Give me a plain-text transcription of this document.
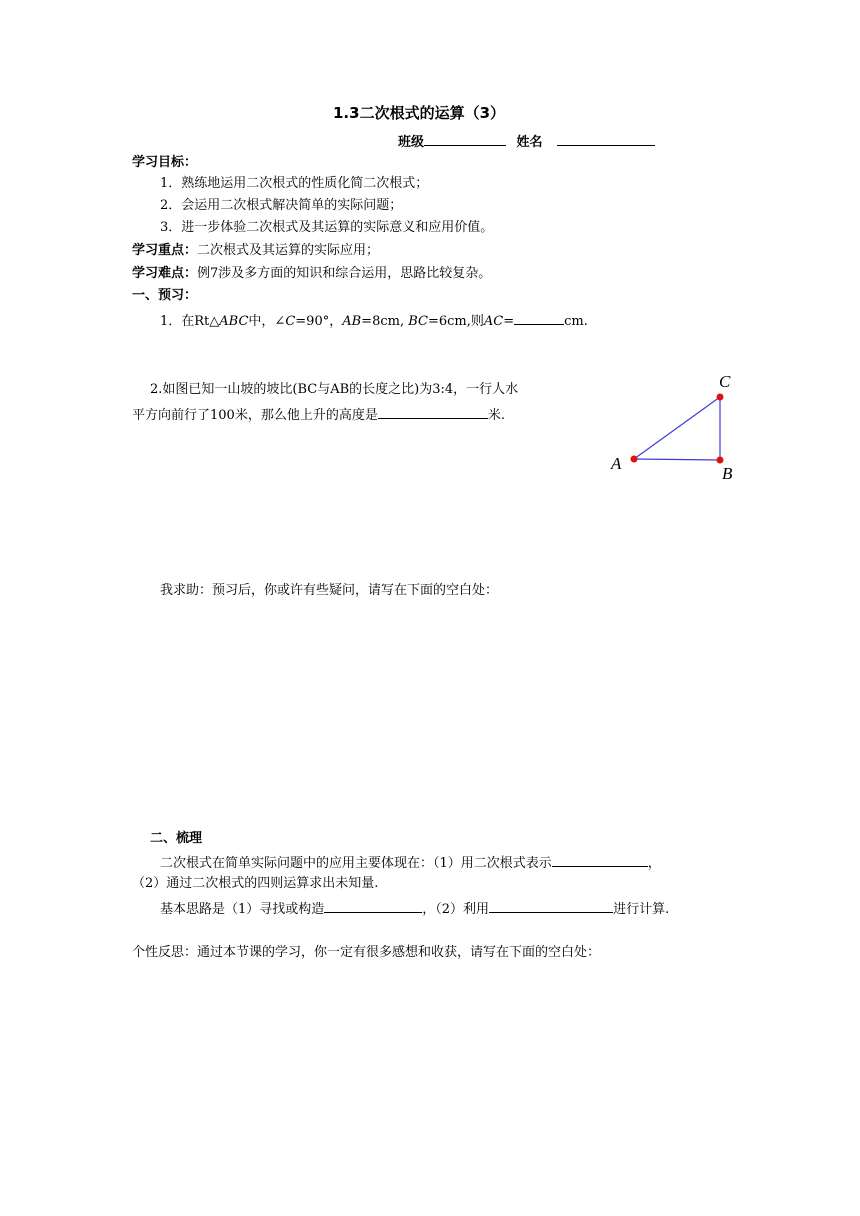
1.3二次根式的运算（3）
班级	姓名
学习目标：
1．熟练地运用二次根式的性质化简二次根式；
2．会运用二次根式解决简单的实际问题；
3．进一步体验二次根式及其运算的实际意义和应用价值。
学习重点：二次根式及其运算的实际应用；
学习难点：例7涉及多方面的知识和综合运用，思路比较复杂。
一、预习：
1．在Rt△ABC中，∠C=90°，AB=8cm, BC=6cm,则AC=	cm.
2.如图已知一山坡的坡比(BC与AB的长度之比)为3:4，一行人水
平方向前行了100米，那么他上升的高度是	米.
A
B
C
我求助：预习后，你或许有些疑问，请写在下面的空白处：
二、梳理
二次根式在简单实际问题中的应用主要体现在：（1）用二次根式表示	，
（2）通过二次根式的四则运算求出未知量.
基本思路是（1）寻找或构造	，（2）利用	进行计算.
个性反思：通过本节课的学习，你一定有很多感想和收获，请写在下面的空白处：
